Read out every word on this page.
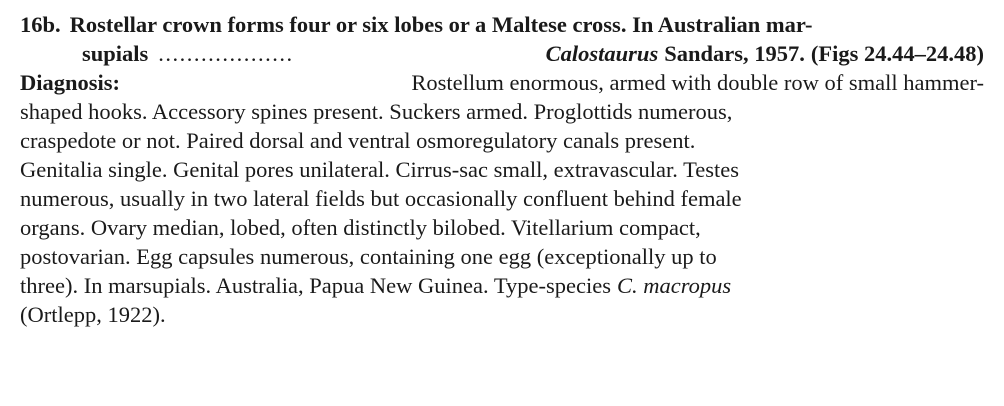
16b. Rostellar crown forms four or six lobes or a Maltese cross. In Australian mar-
supials ...................	Calostaurus Sandars, 1957. (Figs 24.44–24.48)
Diagnosis:	Rostellum enormous, armed with double row of small hammer-
shaped hooks. Accessory spines present. Suckers armed. Proglottids numerous,
craspedote or not. Paired dorsal and ventral osmoregulatory canals present.
Genitalia single. Genital pores unilateral. Cirrus-sac small, extravascular. Testes
numerous, usually in two lateral fields but occasionally confluent behind female
organs. Ovary median, lobed, often distinctly bilobed. Vitellarium compact,
postovarian. Egg capsules numerous, containing one egg (exceptionally up to
three). In marsupials. Australia, Papua New Guinea. Type-species C. macropus
(Ortlepp, 1922).
